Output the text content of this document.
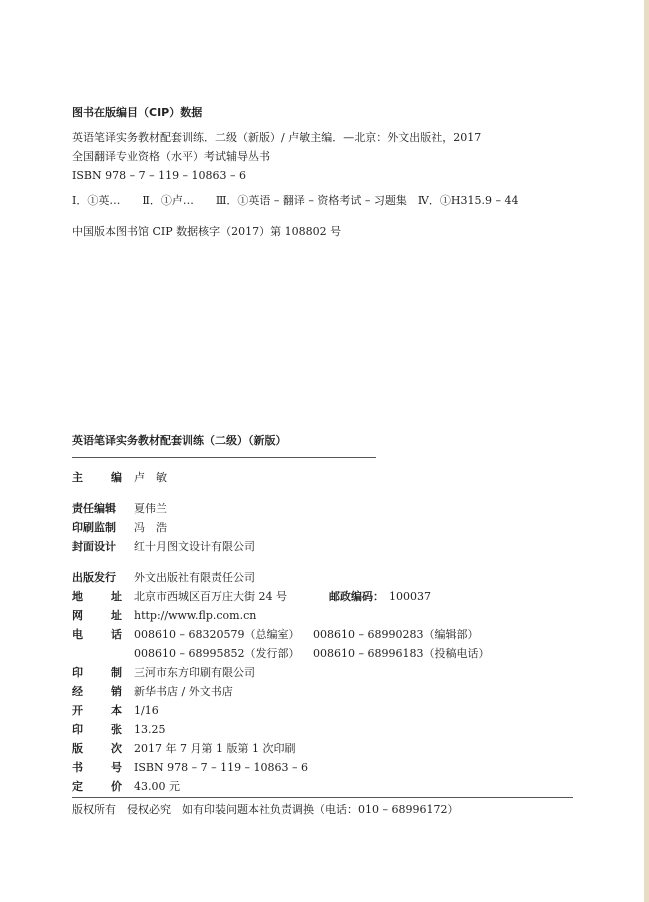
图书在版编目（CIP）数据
英语笔译实务教材配套训练．二级（新版）/ 卢敏主编．—北京：外文出版社，2017
全国翻译专业资格（水平）考试辅导丛书
ISBN 978 – 7 – 119 – 10863 – 6
Ⅰ．①英…　　Ⅱ．①卢…　　Ⅲ．①英语 – 翻译 – 资格考试 – 习题集　Ⅳ．①H315.9 – 44
中国版本图书馆 CIP 数据核字（2017）第 108802 号
英语笔译实务教材配套训练（二级）（新版）
主	编 卢　敏
责任编辑 夏伟兰
印刷监制 冯　浩
封面设计 红十月图文设计有限公司
出版发行 外文出版社有限责任公司
地	址 北京市西城区百万庄大街 24 号	邮政编码： 100037
网	址 http://www.flp.com.cn
电	话 008610 – 68320579（总编室） 008610 – 68990283（编辑部）
008610 – 68995852（发行部） 008610 – 68996183（投稿电话）
印	制 三河市东方印刷有限公司
经	销 新华书店 / 外文书店
开	本 1/16
印	张 13.25
版	次 2017 年 7 月第 1 版第 1 次印刷
书	号 ISBN 978 – 7 – 119 – 10863 – 6
定	价 43.00 元
版权所有　侵权必究　如有印装问题本社负责调换（电话：010 – 68996172）
